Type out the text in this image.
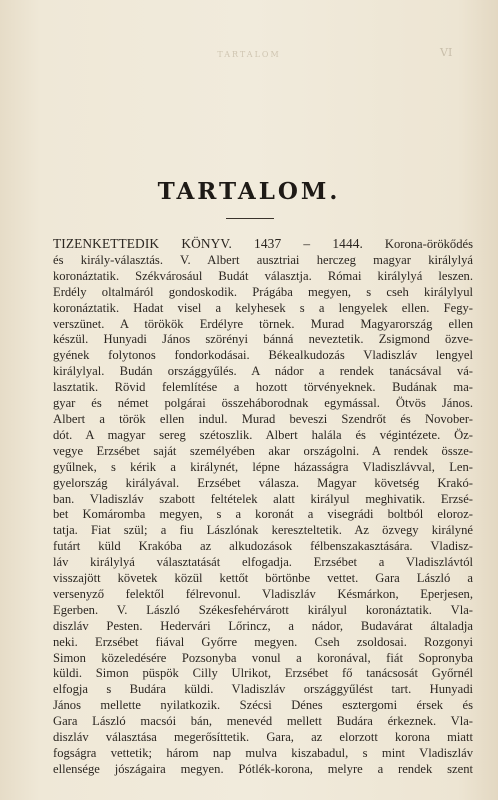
TARTALOM	VI
TARTALOM.
TIZENKETTEDIK KÖNYV. 1437 – 1444. Korona-örökődés
és király-választás. V. Albert ausztriai herczeg magyar királylyá
koronáztatik. Székvárosául Budát választja. Római királylyá leszen.
Erdély oltalmáról gondoskodik. Prágába megyen, s cseh királylyul
koronáztatik. Hadat visel a kelyhesek s a lengyelek ellen. Fegy-
verszünet. A törökök Erdélyre törnek. Murad Magyarország ellen
készül. Hunyadi János szörényi bánná neveztetik. Zsigmond özve-
gyének folytonos fondorkodásai. Békealkudozás Vladiszláv lengyel
királylyal. Budán országgyűlés. A nádor a rendek tanácsával vá-
lasztatik. Rövid felemlítése a hozott törvényeknek. Budának ma-
gyar és német polgárai összeháborodnak egymással. Ötvös János.
Albert a török ellen indul. Murad beveszi Szendrőt és Novober-
dót. A magyar sereg szétoszlik. Albert halála és végintézete. Öz-
vegye Erzsébet saját személyében akar országolni. A rendek össze-
gyűlnek, s kérik a királynét, lépne házasságra Vladiszlávval, Len-
gyelország királyával. Erzsébet válasza. Magyar követség Krakó-
ban. Vladiszláv szabott feltételek alatt királyul meghivatik. Erzsé-
bet Komáromba megyen, s a koronát a visegrádi boltból eloroz-
tatja. Fiat szül; a fiu Lászlónak kereszteltetik. Az özvegy királyné
futárt küld Krakóba az alkudozások félbenszakasztására. Vladisz-
láv királylyá választatását elfogadja. Erzsébet a Vladiszlávtól
visszajött követek közül kettőt börtönbe vettet. Gara László a
versenyző felektől félrevonul. Vladiszláv Késmárkon, Eperjesen,
Egerben. V. László Székesfehérvárott királyul koronáztatik. Vla-
diszláv Pesten. Hedervári Lőrincz, a nádor, Budavárat általadja
neki. Erzsébet fiával Győrre megyen. Cseh zsoldosai. Rozgonyi
Simon közeledésére Pozsonyba vonul a koronával, fiát Sopronyba
küldi. Simon püspök Cilly Ulrikot, Erzsébet fő tanácsosát Győrnél
elfogja s Budára küldi. Vladiszláv országgyűlést tart. Hunyadi
János mellette nyilatkozik. Szécsi Dénes esztergomi érsek és
Gara László macsói bán, menevéd mellett Budára érkeznek. Vla-
diszláv választása megerősíttetik. Gara, az elorzott korona miatt
fogságra vettetik; három nap mulva kiszabadul, s mint Vladiszláv
ellensége jószágaira megyen. Pótlék-korona, melyre a rendek szent
